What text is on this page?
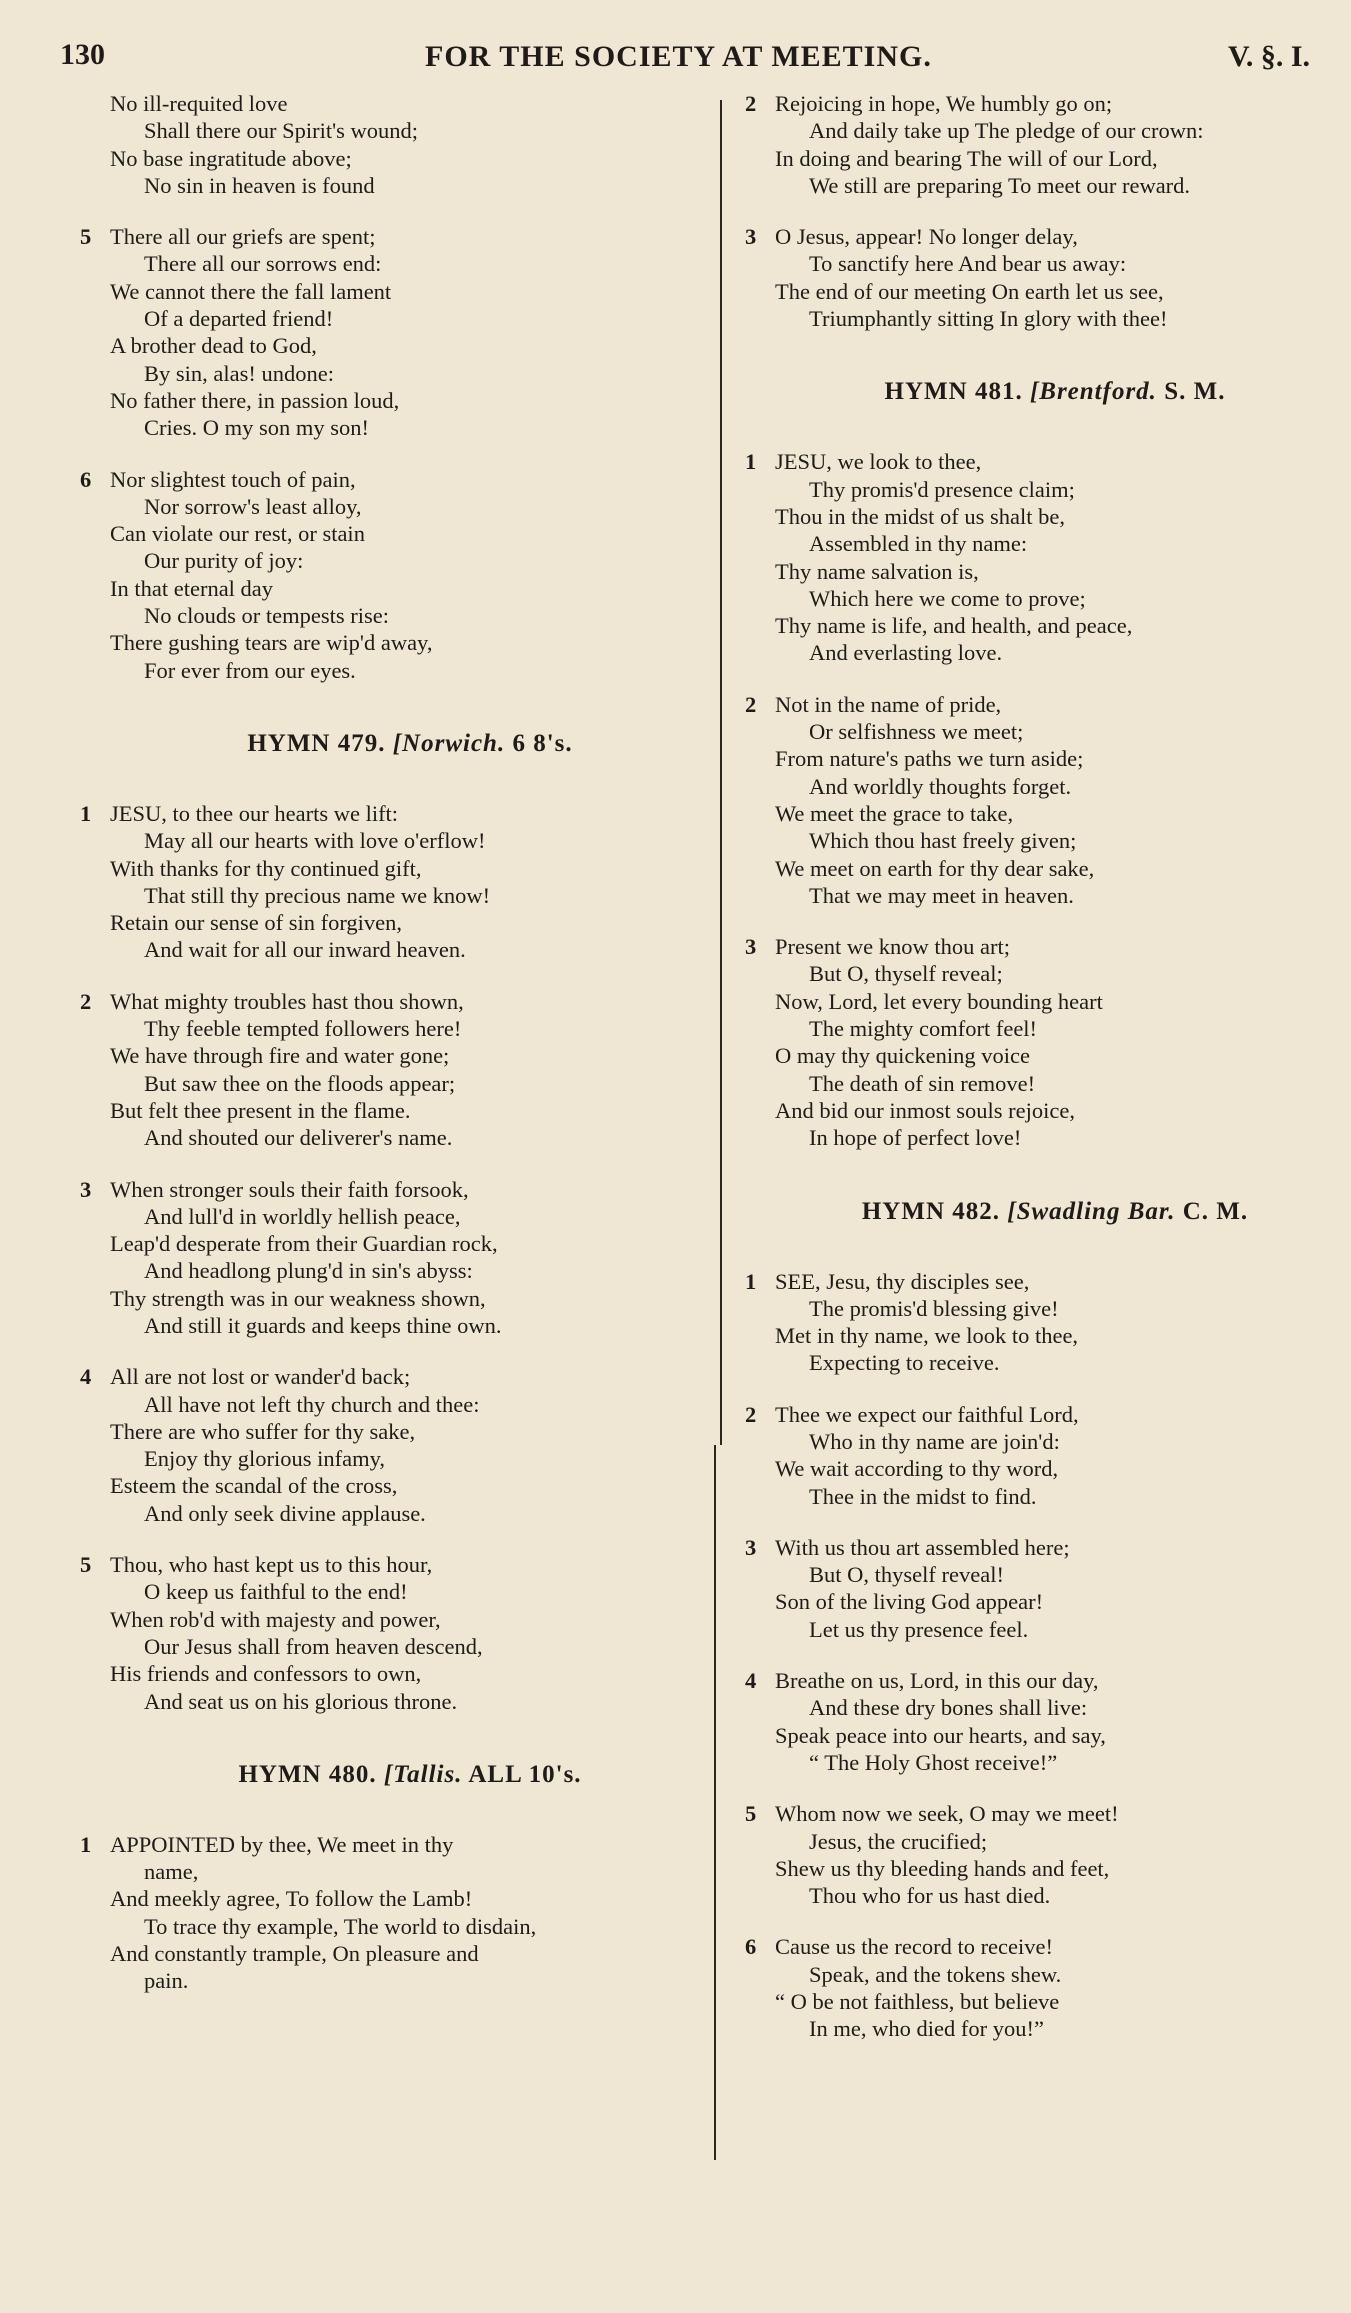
130	FOR THE SOCIETY AT MEETING.	V. §. I.
No ill-requited love
Shall there our Spirit's wound;
No base ingratitude above;
No sin in heaven is found
5 There all our griefs are spent;
There all our sorrows end:
We cannot there the fall lament
Of a departed friend!
A brother dead to God,
By sin, alas! undone:
No father there, in passion loud,
Cries. O my son my son!
6 Nor slightest touch of pain,
Nor sorrow's least alloy,
Can violate our rest, or stain
Our purity of joy:
In that eternal day
No clouds or tempests rise:
There gushing tears are wip'd away,
For ever from our eyes.
HYMN 479. [Norwich. 6 8's.
1 JESU, to thee our hearts we lift:
May all our hearts with love o'erflow!
With thanks for thy continued gift,
That still thy precious name we know!
Retain our sense of sin forgiven,
And wait for all our inward heaven.
2 What mighty troubles hast thou shown,
Thy feeble tempted followers here!
We have through fire and water gone;
But saw thee on the floods appear;
But felt thee present in the flame.
And shouted our deliverer's name.
3 When stronger souls their faith forsook,
And lull'd in worldly hellish peace,
Leap'd desperate from their Guardian rock,
And headlong plung'd in sin's abyss:
Thy strength was in our weakness shown,
And still it guards and keeps thine own.
4 All are not lost or wander'd back;
All have not left thy church and thee:
There are who suffer for thy sake,
Enjoy thy glorious infamy,
Esteem the scandal of the cross,
And only seek divine applause.
5 Thou, who hast kept us to this hour,
O keep us faithful to the end!
When rob'd with majesty and power,
Our Jesus shall from heaven descend,
His friends and confessors to own,
And seat us on his glorious throne.
HYMN 480. [Tallis. ALL 10's.
1 APPOINTED by thee, We meet in thy
name,
And meekly agree, To follow the Lamb!
To trace thy example, The world to disdain,
And constantly trample, On pleasure and
pain.
2 Rejoicing in hope, We humbly go on;
And daily take up The pledge of our crown:
In doing and bearing The will of our Lord,
We still are preparing To meet our reward.
3 O Jesus, appear! No longer delay,
To sanctify here And bear us away:
The end of our meeting On earth let us see,
Triumphantly sitting In glory with thee!
HYMN 481. [Brentford. S. M.
1 JESU, we look to thee,
Thy promis'd presence claim;
Thou in the midst of us shalt be,
Assembled in thy name:
Thy name salvation is,
Which here we come to prove;
Thy name is life, and health, and peace,
And everlasting love.
2 Not in the name of pride,
Or selfishness we meet;
From nature's paths we turn aside;
And worldly thoughts forget.
We meet the grace to take,
Which thou hast freely given;
We meet on earth for thy dear sake,
That we may meet in heaven.
3 Present we know thou art;
But O, thyself reveal;
Now, Lord, let every bounding heart
The mighty comfort feel!
O may thy quickening voice
The death of sin remove!
And bid our inmost souls rejoice,
In hope of perfect love!
HYMN 482. [Swadling Bar. C. M.
1 SEE, Jesu, thy disciples see,
The promis'd blessing give!
Met in thy name, we look to thee,
Expecting to receive.
2 Thee we expect our faithful Lord,
Who in thy name are join'd:
We wait according to thy word,
Thee in the midst to find.
3 With us thou art assembled here;
But O, thyself reveal!
Son of the living God appear!
Let us thy presence feel.
4 Breathe on us, Lord, in this our day,
And these dry bones shall live:
Speak peace into our hearts, and say,
“ The Holy Ghost receive!”
5 Whom now we seek, O may we meet!
Jesus, the crucified;
Shew us thy bleeding hands and feet,
Thou who for us hast died.
6 Cause us the record to receive!
Speak, and the tokens shew.
“ O be not faithless, but believe
In me, who died for you!”
